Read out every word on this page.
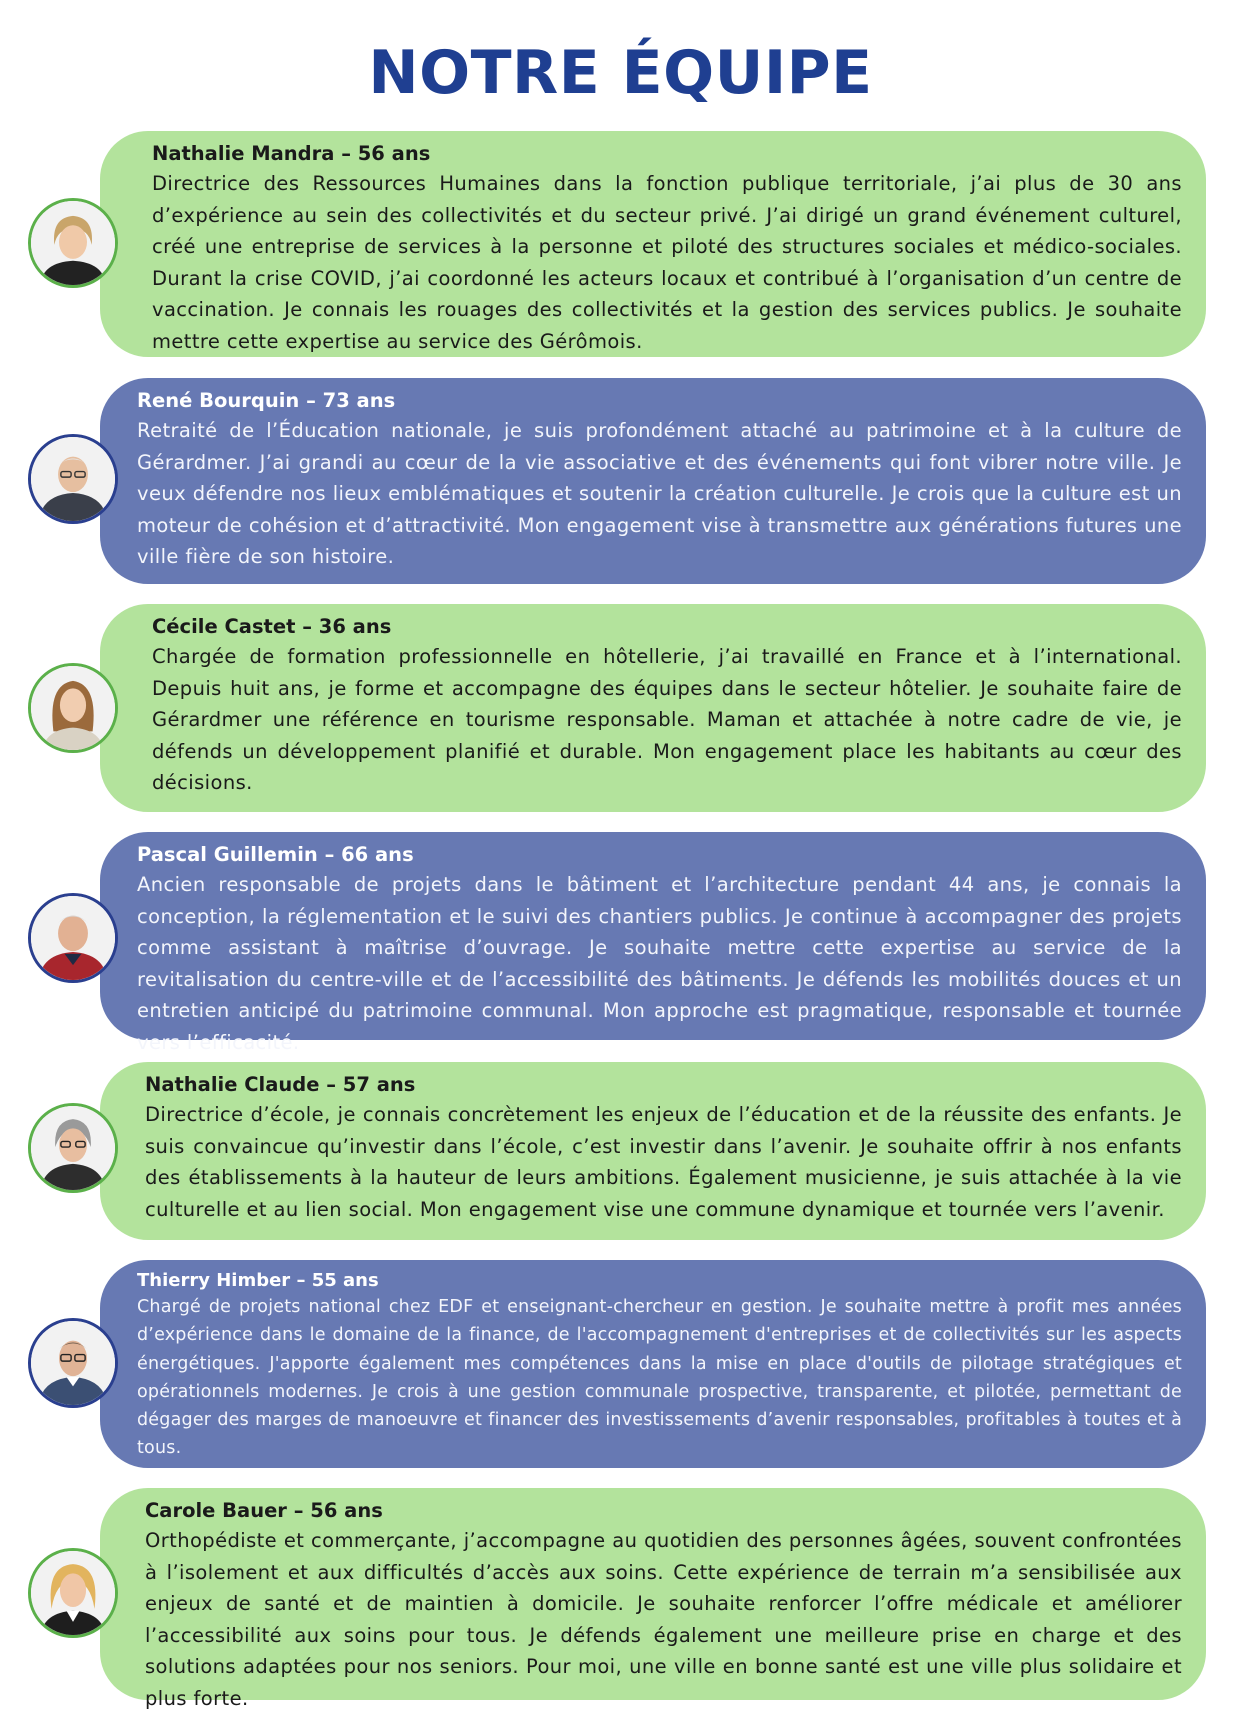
NOTRE ÉQUIPE
Nathalie Mandra – 56 ans

Directrice des Ressources Humaines dans la fonction publique territoriale, j’ai plus de 30 ans d’expérience au sein des collectivités et du secteur privé. J’ai dirigé un grand événement culturel, créé une entreprise de services à la personne et piloté des structures sociales et médico-sociales. Durant la crise COVID, j’ai coordonné les acteurs locaux et contribué à l’organisation d’un centre de vaccination. Je connais les rouages des collectivités et la gestion des services publics. Je souhaite mettre cette expertise au service des Gérômois.

René Bourquin – 73 ans

Retraité de l’Éducation nationale, je suis profondément attaché au patrimoine et à la culture de Gérardmer. J’ai grandi au cœur de la vie associative et des événements qui font vibrer notre ville. Je veux défendre nos lieux emblématiques et soutenir la création culturelle. Je crois que la culture est un moteur de cohésion et d’attractivité. Mon engagement vise à transmettre aux générations futures une ville fière de son histoire.

Cécile Castet – 36 ans

Chargée de formation professionnelle en hôtellerie, j’ai travaillé en France et à l’international. Depuis huit ans, je forme et accompagne des équipes dans le secteur hôtelier. Je souhaite faire de Gérardmer une référence en tourisme responsable. Maman et attachée à notre cadre de vie, je défends un développement planifié et durable. Mon engagement place les habitants au cœur des décisions.

Pascal Guillemin – 66 ans

Ancien responsable de projets dans le bâtiment et l’architecture pendant 44 ans, je connais la conception, la réglementation et le suivi des chantiers publics. Je continue à accompagner des projets comme assistant à maîtrise d’ouvrage. Je souhaite mettre cette expertise au service de la revitalisation du centre-ville et de l’accessibilité des bâtiments. Je défends les mobilités douces et un entretien anticipé du patrimoine communal. Mon approche est pragmatique, responsable et tournée vers l’efficacité.

Nathalie Claude – 57 ans

Directrice d’école, je connais concrètement les enjeux de l’éducation et de la réussite des enfants. Je suis convaincue qu’investir dans l’école, c’est investir dans l’avenir. Je souhaite offrir à nos enfants des établissements à la hauteur de leurs ambitions. Également musicienne, je suis attachée à la vie culturelle et au lien social. Mon engagement vise une commune dynamique et tournée vers l’avenir.

Thierry Himber – 55 ans

Chargé de projets national chez EDF et enseignant-chercheur en gestion. Je souhaite mettre à profit mes années d’expérience dans le domaine de la finance, de l'accompagnement d'entreprises et de collectivités sur les aspects énergétiques. J'apporte également mes compétences dans la mise en place d'outils de pilotage stratégiques et opérationnels modernes. Je crois à une gestion communale prospective, transparente, et pilotée, permettant de dégager des marges de manoeuvre et financer des investissements d’avenir responsables, profitables à toutes et à tous.

Carole Bauer – 56 ans

Orthopédiste et commerçante, j’accompagne au quotidien des personnes âgées, souvent confrontées à l’isolement et aux difficultés d’accès aux soins. Cette expérience de terrain m’a sensibilisée aux enjeux de santé et de maintien à domicile. Je souhaite renforcer l’offre médicale et améliorer l’accessibilité aux soins pour tous. Je défends également une meilleure prise en charge et des solutions adaptées pour nos seniors. Pour moi, une ville en bonne santé est une ville plus solidaire et plus forte.
